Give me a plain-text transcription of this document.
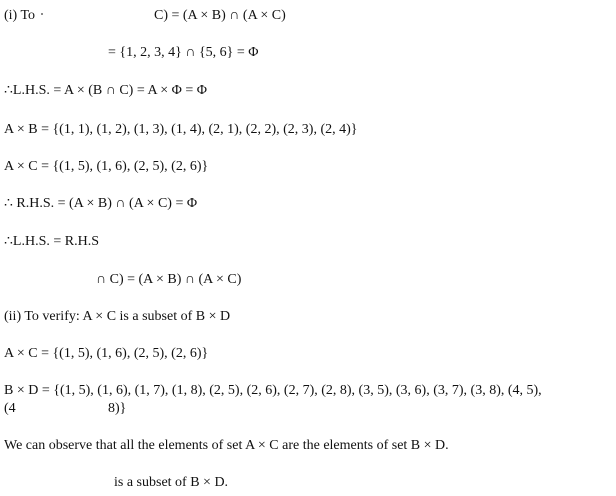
(i) To	C) = (A × B) ∩ (A × C)
= {1, 2, 3, 4} ∩ {5, 6} = Φ
∴L.H.S. = A × (B ∩ C) = A × Φ = Φ
A × B = {(1, 1), (1, 2), (1, 3), (1, 4), (2, 1), (2, 2), (2, 3), (2, 4)}
A × C = {(1, 5), (1, 6), (2, 5), (2, 6)}
∴ R.H.S. = (A × B) ∩ (A × C) = Φ
∴L.H.S. = R.H.S
∩ C) = (A × B) ∩ (A × C)
(ii) To verify: A × C is a subset of B × D
A × C = {(1, 5), (1, 6), (2, 5), (2, 6)}
B × D = {(1, 5), (1, 6), (1, 7), (1, 8), (2, 5), (2, 6), (2, 7), (2, 8), (3, 5), (3, 6), (3, 7), (3, 8), (4, 5),
(4	8)}
We can observe that all the elements of set A × C are the elements of set B × D.
is a subset of B × D.
